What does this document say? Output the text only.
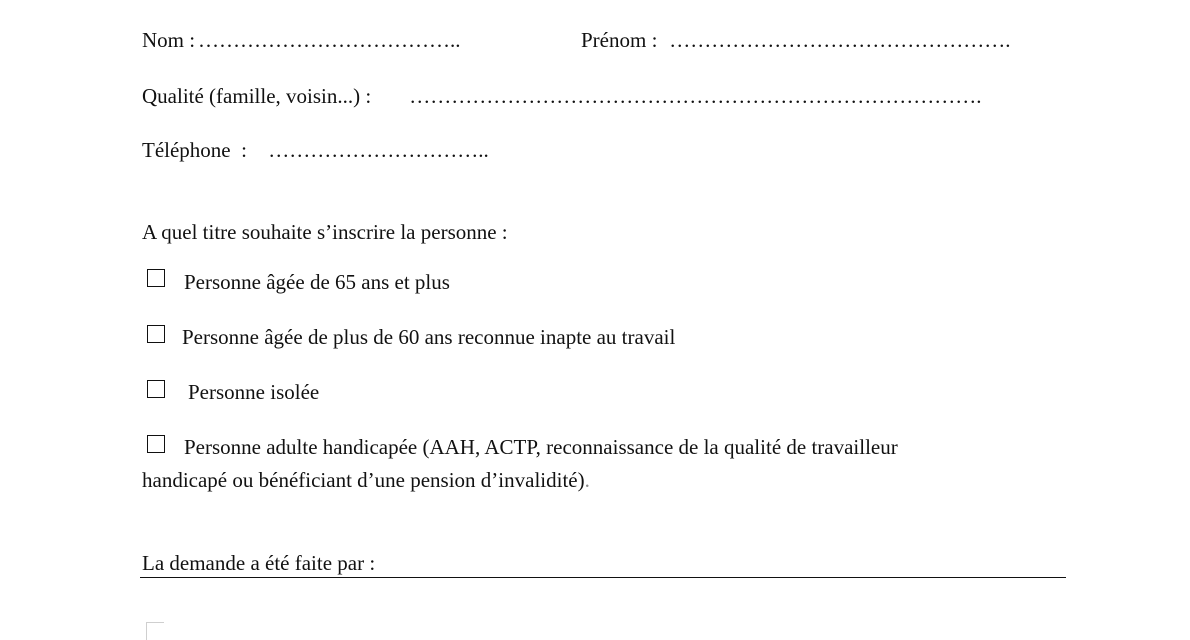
Nom : ………………………………..	Prénom : ………………………………………….
Qualité (famille, voisin...) : ……………………………………………………………………….
Téléphone  : …………………………..
A quel titre souhaite s’inscrire la personne :
Personne âgée de 65 ans et plus
Personne âgée de plus de 60 ans reconnue inapte au travail
Personne isolée
Personne adulte handicapée (AAH, ACTP, reconnaissance de la qualité de travailleur
handicapé ou bénéficiant d’une pension d’invalidité).
La demande a été faite par :
